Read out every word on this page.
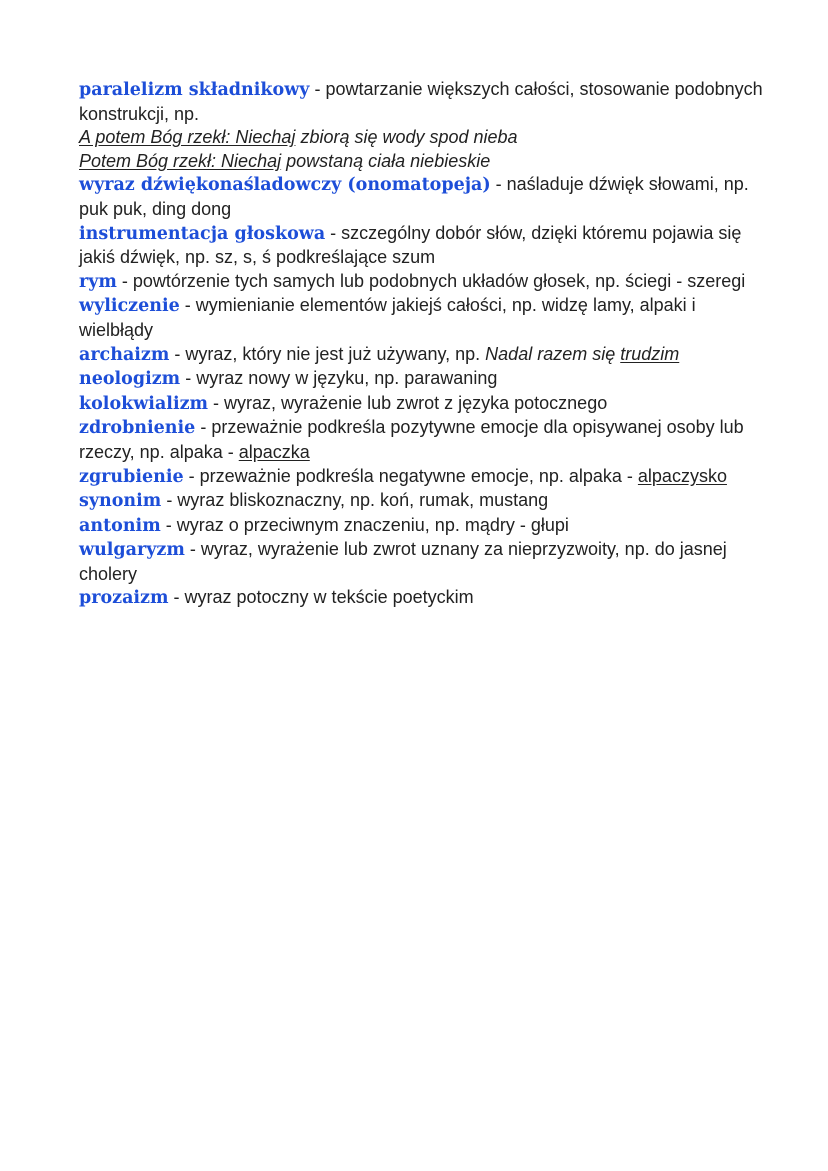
paralelizm składnikowy - powtarzanie większych całości, stosowanie podobnych konstrukcji, np.
A potem Bóg rzekł: Niechaj zbiorą się wody spod nieba
Potem Bóg rzekł: Niechaj powstaną ciała niebieskie

wyraz dźwiękonaśladowczy (onomatopeja) - naśladuje dźwięk słowami, np. puk puk, ding dong

instrumentacja głoskowa - szczególny dobór słów, dzięki któremu pojawia się jakiś dźwięk, np. sz, s, ś podkreślające szum

rym - powtórzenie tych samych lub podobnych układów głosek, np. ściegi - szeregi

wyliczenie - wymienianie elementów jakiejś całości, np. widzę lamy, alpaki i wielbłądy

archaizm - wyraz, który nie jest już używany, np. Nadal razem się trudzim

neologizm - wyraz nowy w języku, np. parawaning

kolokwializm - wyraz, wyrażenie lub zwrot z języka potocznego

zdrobnienie - przeważnie podkreśla pozytywne emocje dla opisywanej osoby lub rzeczy, np. alpaka - alpaczka

zgrubienie - przeważnie podkreśla negatywne emocje, np. alpaka - alpaczysko

synonim - wyraz bliskoznaczny, np. koń, rumak, mustang

antonim - wyraz o przeciwnym znaczeniu, np. mądry - głupi

wulgaryzm - wyraz, wyrażenie lub zwrot uznany za nieprzyzwoity, np. do jasnej cholery

prozaizm - wyraz potoczny w tekście poetyckim
